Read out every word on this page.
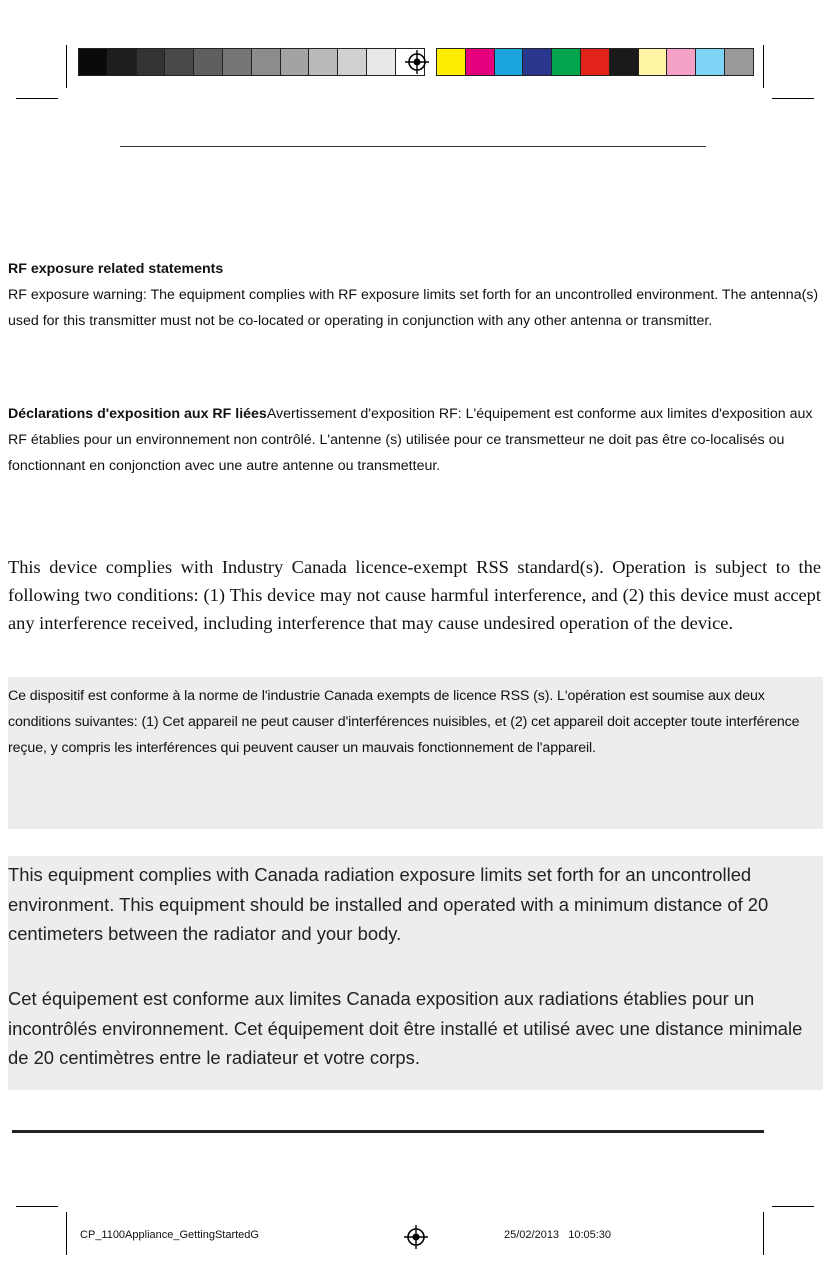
RF exposure related statements

RF exposure warning: The equipment complies with RF exposure limits set forth for an uncontrolled environment. The antenna(s) used for this transmitter must not be co-located or operating in conjunction with any other antenna or transmitter.

Déclarations d'exposition aux RF liéesAvertissement d'exposition RF: L'équipement est conforme aux limites d'exposition aux RF établies pour un environnement non contrôlé. L'antenne (s) utilisée pour ce transmetteur ne doit pas être co-localisés ou fonctionnant en conjonction avec une autre antenne ou transmetteur.

This device complies with Industry Canada licence-exempt RSS standard(s). Operation is subject to the following two conditions: (1) This device may not cause harmful interference, and (2) this device must accept any interference received, including interference that may cause undesired operation of the device.

Ce dispositif est conforme à la norme de l'industrie Canada exempts de licence RSS (s). L'opération est soumise aux deux conditions suivantes: (1) Cet appareil ne peut causer d'interférences nuisibles, et (2) cet appareil doit accepter toute interférence reçue, y compris les interférences qui peuvent causer un mauvais fonctionnement de l'appareil.

This equipment complies with Canada radiation exposure limits set forth for an uncontrolled environment. This equipment should be installed and operated with a minimum distance of 20 centimeters between the radiator and your body.

Cet équipement est conforme aux limites Canada exposition aux radiations établies pour un incontrôlés environnement. Cet équipement doit être installé et utilisé avec une distance minimale de 20 centimètres entre le radiateur et votre corps.

CP_1100Appliance_GettingStartedG	25/02/2013   10:05:30
